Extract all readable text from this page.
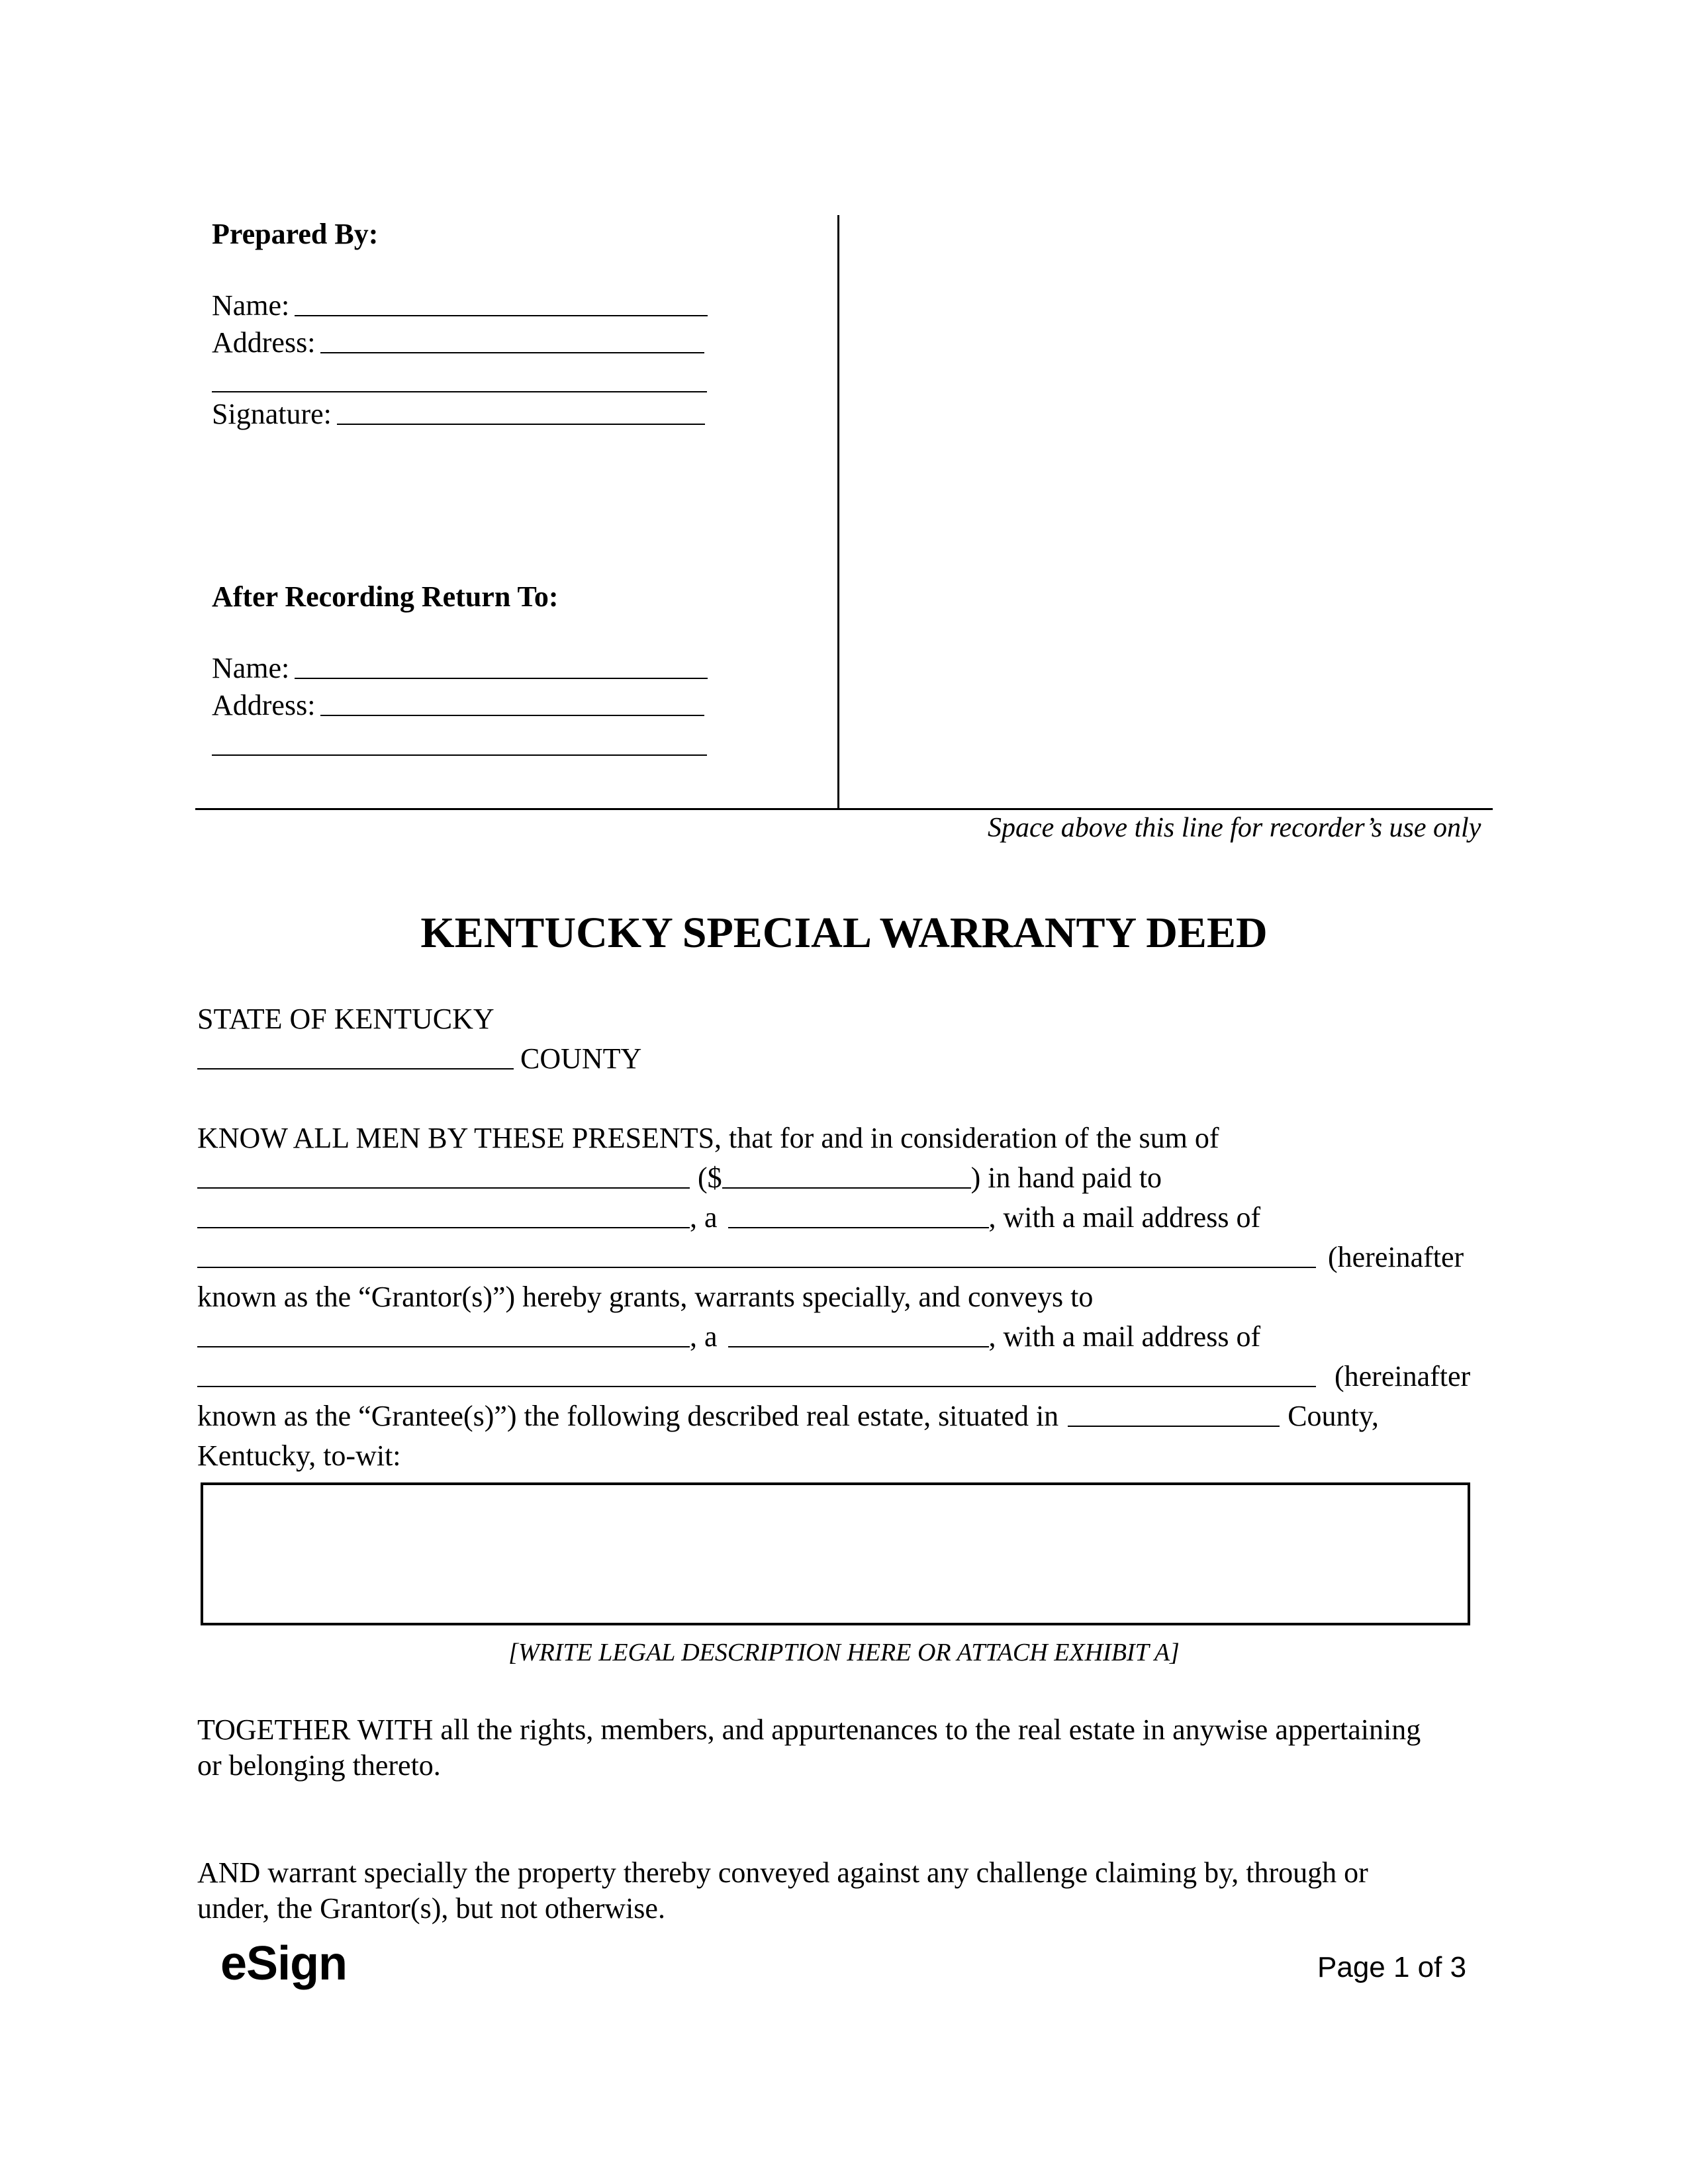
Prepared By:
Name:
Address:
Signature:
After Recording Return To:
Name:
Address:
Space above this line for recorder’s use only
KENTUCKY SPECIAL WARRANTY DEED
STATE OF KENTUCKY
COUNTY
KNOW ALL MEN BY THESE PRESENTS, that for and in consideration of the sum of
($	) in hand paid to
, a	, with a mail address of
(hereinafter
known as the “Grantor(s)”) hereby grants, warrants specially, and conveys to
, a	, with a mail address of
(hereinafter
known as the “Grantee(s)”) the following described real estate, situated in	County,
Kentucky, to-wit:
[WRITE LEGAL DESCRIPTION HERE OR ATTACH EXHIBIT A]
TOGETHER WITH all the rights, members, and appurtenances to the real estate in anywise appertaining
or belonging thereto.
AND warrant specially the property thereby conveyed against any challenge claiming by, through or
under, the Grantor(s), but not otherwise.
eSign	Page 1 of 3
